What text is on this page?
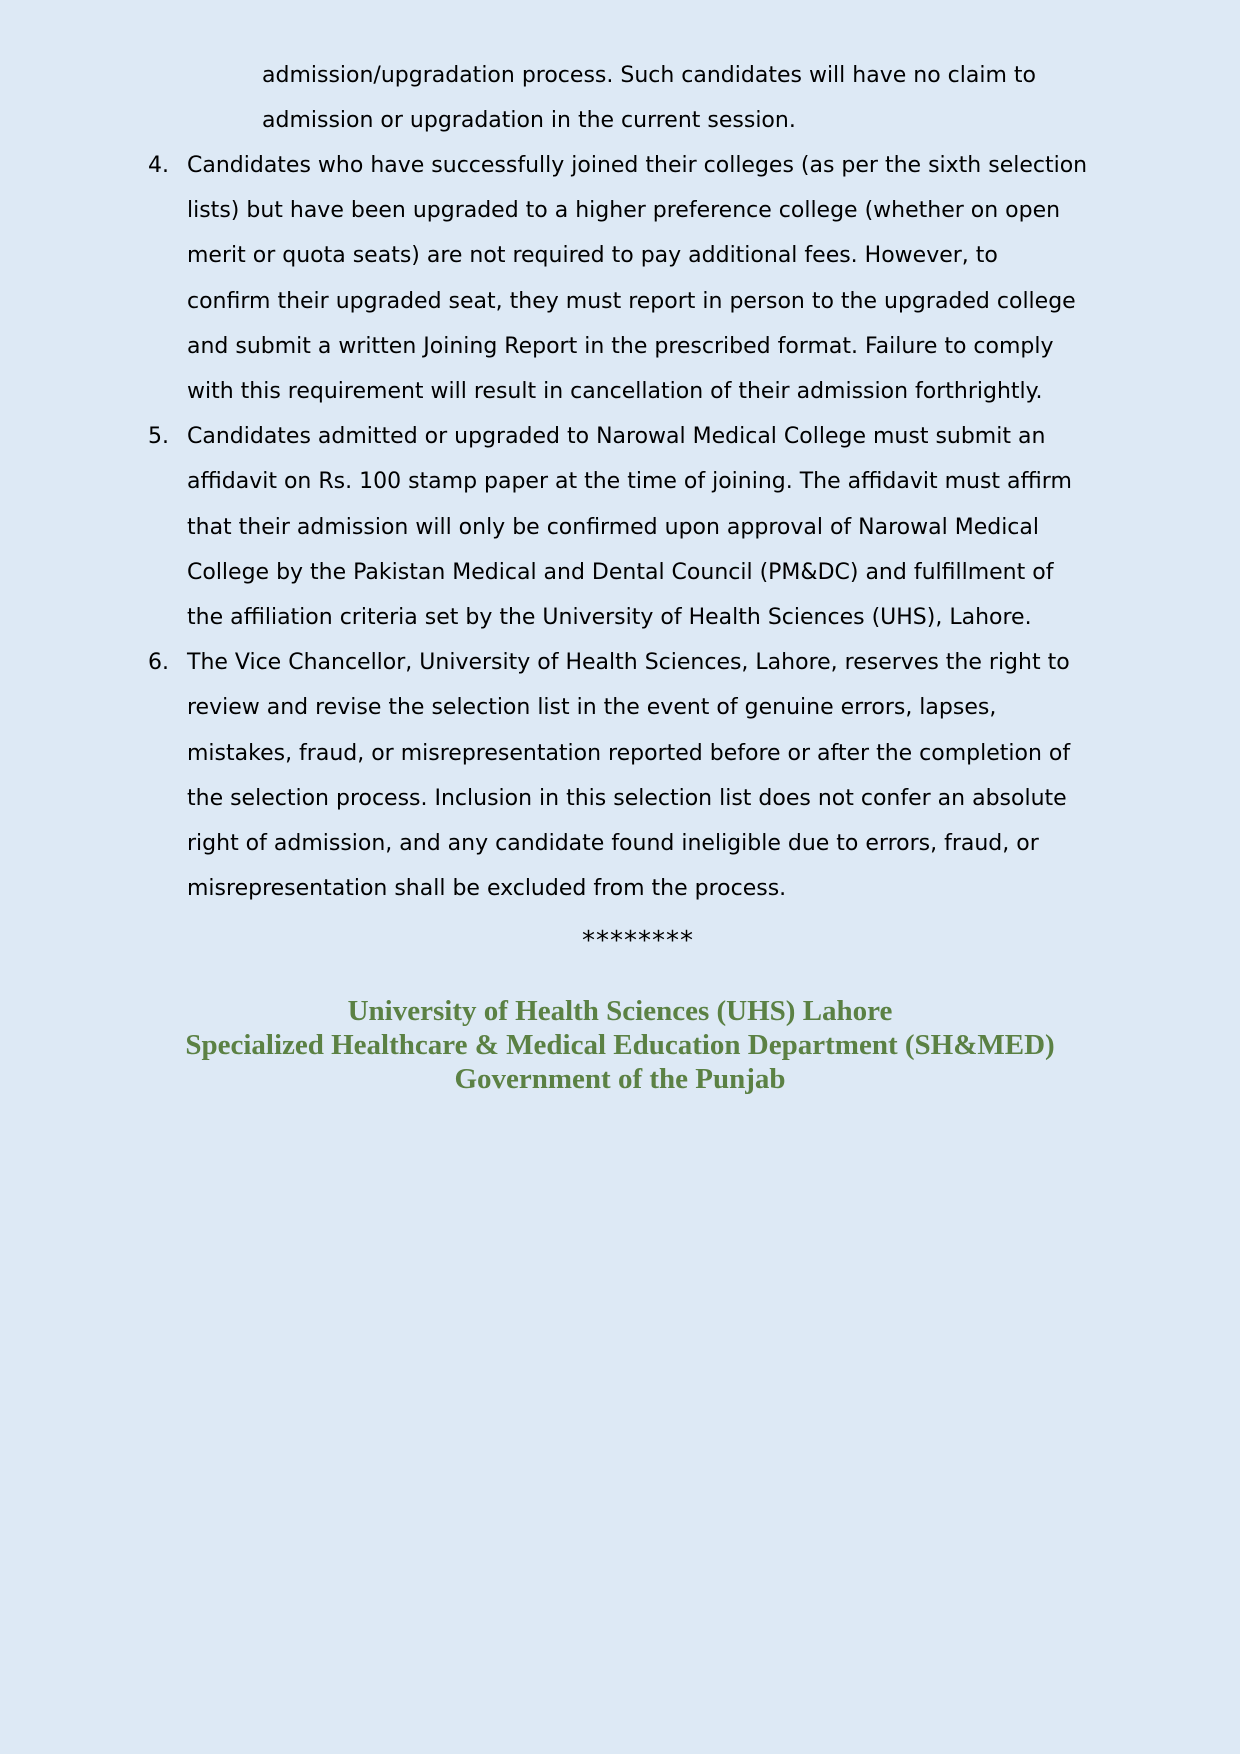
admission/upgradation process. Such candidates will have no claim to
admission or upgradation in the current session.
4. Candidates who have successfully joined their colleges (as per the sixth selection
lists) but have been upgraded to a higher preference college (whether on open
merit or quota seats) are not required to pay additional fees. However, to
confirm their upgraded seat, they must report in person to the upgraded college
and submit a written Joining Report in the prescribed format. Failure to comply
with this requirement will result in cancellation of their admission forthrightly.
5. Candidates admitted or upgraded to Narowal Medical College must submit an
affidavit on Rs. 100 stamp paper at the time of joining. The affidavit must affirm
that their admission will only be confirmed upon approval of Narowal Medical
College by the Pakistan Medical and Dental Council (PM&DC) and fulfillment of
the affiliation criteria set by the University of Health Sciences (UHS), Lahore.
6. The Vice Chancellor, University of Health Sciences, Lahore, reserves the right to
review and revise the selection list in the event of genuine errors, lapses,
mistakes, fraud, or misrepresentation reported before or after the completion of
the selection process. Inclusion in this selection list does not confer an absolute
right of admission, and any candidate found ineligible due to errors, fraud, or
misrepresentation shall be excluded from the process.
********
University of Health Sciences (UHS) Lahore
Specialized Healthcare & Medical Education Department (SH&MED)
Government of the Punjab
